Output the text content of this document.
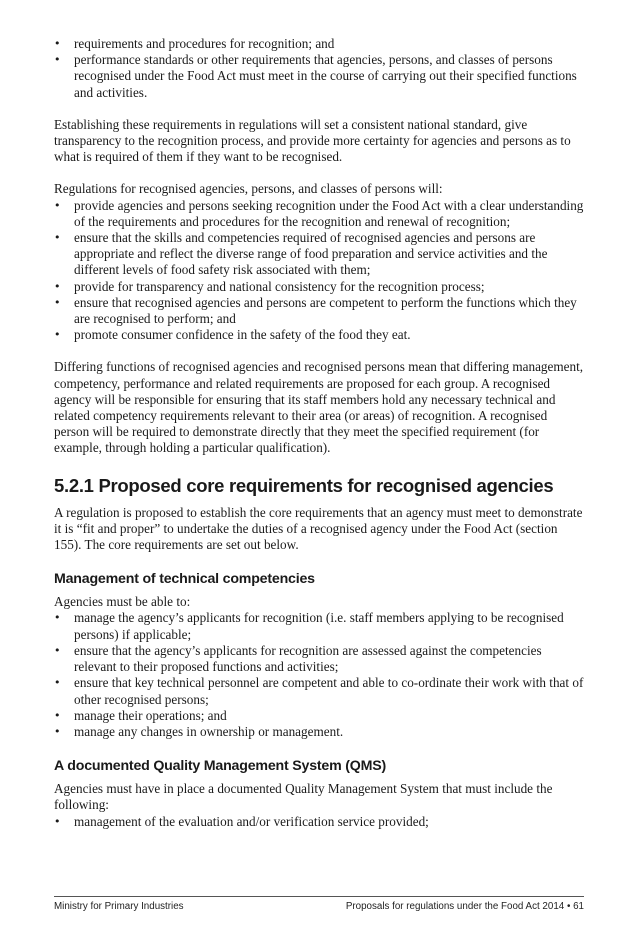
• requirements and procedures for recognition; and
• performance standards or other requirements that agencies, persons, and classes of persons recognised under the Food Act must meet in the course of carrying out their specified functions and activities.

Establishing these requirements in regulations will set a consistent national standard, give transparency to the recognition process, and provide more certainty for agencies and persons as to what is required of them if they want to be recognised.

Regulations for recognised agencies, persons, and classes of persons will:

• provide agencies and persons seeking recognition under the Food Act with a clear understanding of the requirements and procedures for the recognition and renewal of recognition;
• ensure that the skills and competencies required of recognised agencies and persons are appropriate and reflect the diverse range of food preparation and service activities and the different levels of food safety risk associated with them;
• provide for transparency and national consistency for the recognition process;
• ensure that recognised agencies and persons are competent to perform the functions which they are recognised to perform; and
• promote consumer confidence in the safety of the food they eat.

Differing functions of recognised agencies and recognised persons mean that differing management, competency, performance and related requirements are proposed for each group. A recognised agency will be responsible for ensuring that its staff members hold any necessary technical and related competency requirements relevant to their area (or areas) of recognition. A recognised person will be required to demonstrate directly that they meet the specified requirement (for example, through holding a particular qualification).

5.2.1 Proposed core requirements for recognised agencies

A regulation is proposed to establish the core requirements that an agency must meet to demonstrate it is “fit and proper” to undertake the duties of a recognised agency under the Food Act (section 155). The core requirements are set out below.

Management of technical competencies

Agencies must be able to:

• manage the agency’s applicants for recognition (i.e. staff members applying to be recognised persons) if applicable;
• ensure that the agency’s applicants for recognition are assessed against the competencies relevant to their proposed functions and activities;
• ensure that key technical personnel are competent and able to co-ordinate their work with that of other recognised persons;
• manage their operations; and
• manage any changes in ownership or management.
A documented Quality Management System (QMS)

Agencies must have in place a documented Quality Management System that must include the following:

• management of the evaluation and/or verification service provided;
Ministry for Primary Industries	Proposals for regulations under the Food Act 2014 • 61
